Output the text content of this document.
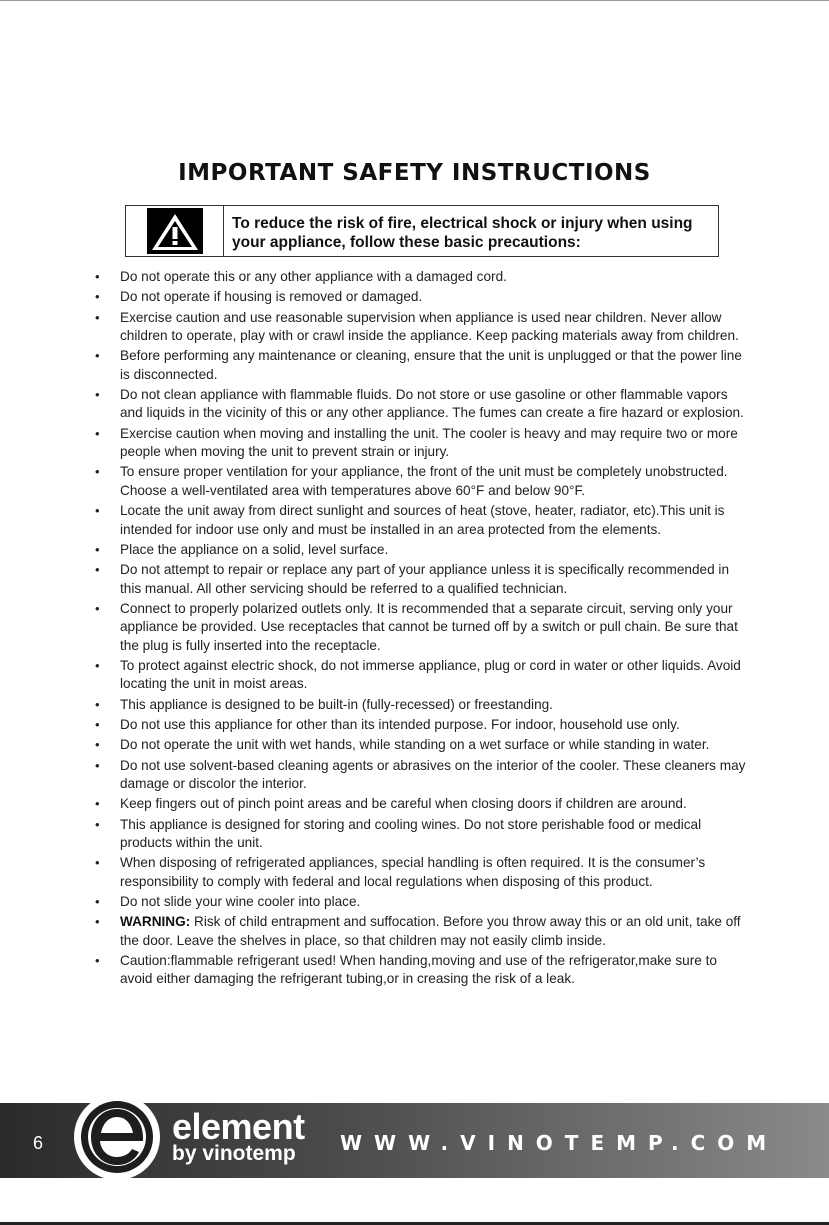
IMPORTANT SAFETY INSTRUCTIONS
To reduce the risk of fire, electrical shock or injury when using
your appliance, follow these basic precautions:
• Do not operate this or any other appliance with a damaged cord.
• Do not operate if housing is removed or damaged.
• Exercise caution and use reasonable supervision when appliance is used near children. Never allow children to operate, play with or crawl inside the appliance. Keep packing materials away from children.
• Before performing any maintenance or cleaning, ensure that the unit is unplugged or that the power line is disconnected.
• Do not clean appliance with flammable fluids. Do not store or use gasoline or other flammable vapors and liquids in the vicinity of this or any other appliance. The fumes can create a fire hazard or explosion.
• Exercise caution when moving and installing the unit. The cooler is heavy and may require two or more people when moving the unit to prevent strain or injury.
• To ensure proper ventilation for your appliance, the front of the unit must be completely unobstructed. Choose a well-ventilated area with temperatures above 60°F and below 90°F.
• Locate the unit away from direct sunlight and sources of heat (stove, heater, radiator, etc).This unit is intended for indoor use only and must be installed in an area protected from the elements.
• Place the appliance on a solid, level surface.
• Do not attempt to repair or replace any part of your appliance unless it is specifically recommended in this manual. All other servicing should be referred to a qualified technician.
• Connect to properly polarized outlets only. It is recommended that a separate circuit, serving only your appliance be provided. Use receptacles that cannot be turned off by a switch or pull chain. Be sure that the plug is fully inserted into the receptacle.
• To protect against electric shock, do not immerse appliance, plug or cord in water or other liquids. Avoid locating the unit in moist areas.
• This appliance is designed to be built-in (fully-recessed) or freestanding.
• Do not use this appliance for other than its intended purpose. For indoor, household use only.
• Do not operate the unit with wet hands, while standing on a wet surface or while standing in water.
• Do not use solvent-based cleaning agents or abrasives on the interior of the cooler. These cleaners may damage or discolor the interior.
• Keep fingers out of pinch point areas and be careful when closing doors if children are around.
• This appliance is designed for storing and cooling wines. Do not store perishable food or medical products within the unit.
• When disposing of refrigerated appliances, special handling is often required. It is the consumer’s responsibility to comply with federal and local regulations when disposing of this product.
• Do not slide your wine cooler into place.
• WARNING: Risk of child entrapment and suffocation. Before you throw away this or an old unit, take off the door. Leave the shelves in place, so that children may not easily climb inside.
• Caution:flammable refrigerant used! When handing,moving and use of the refrigerator,make sure to avoid either damaging the refrigerant tubing,or in creasing the risk of a leak.
6	element
by vinotemp WWW.VINOTEMP.COM
